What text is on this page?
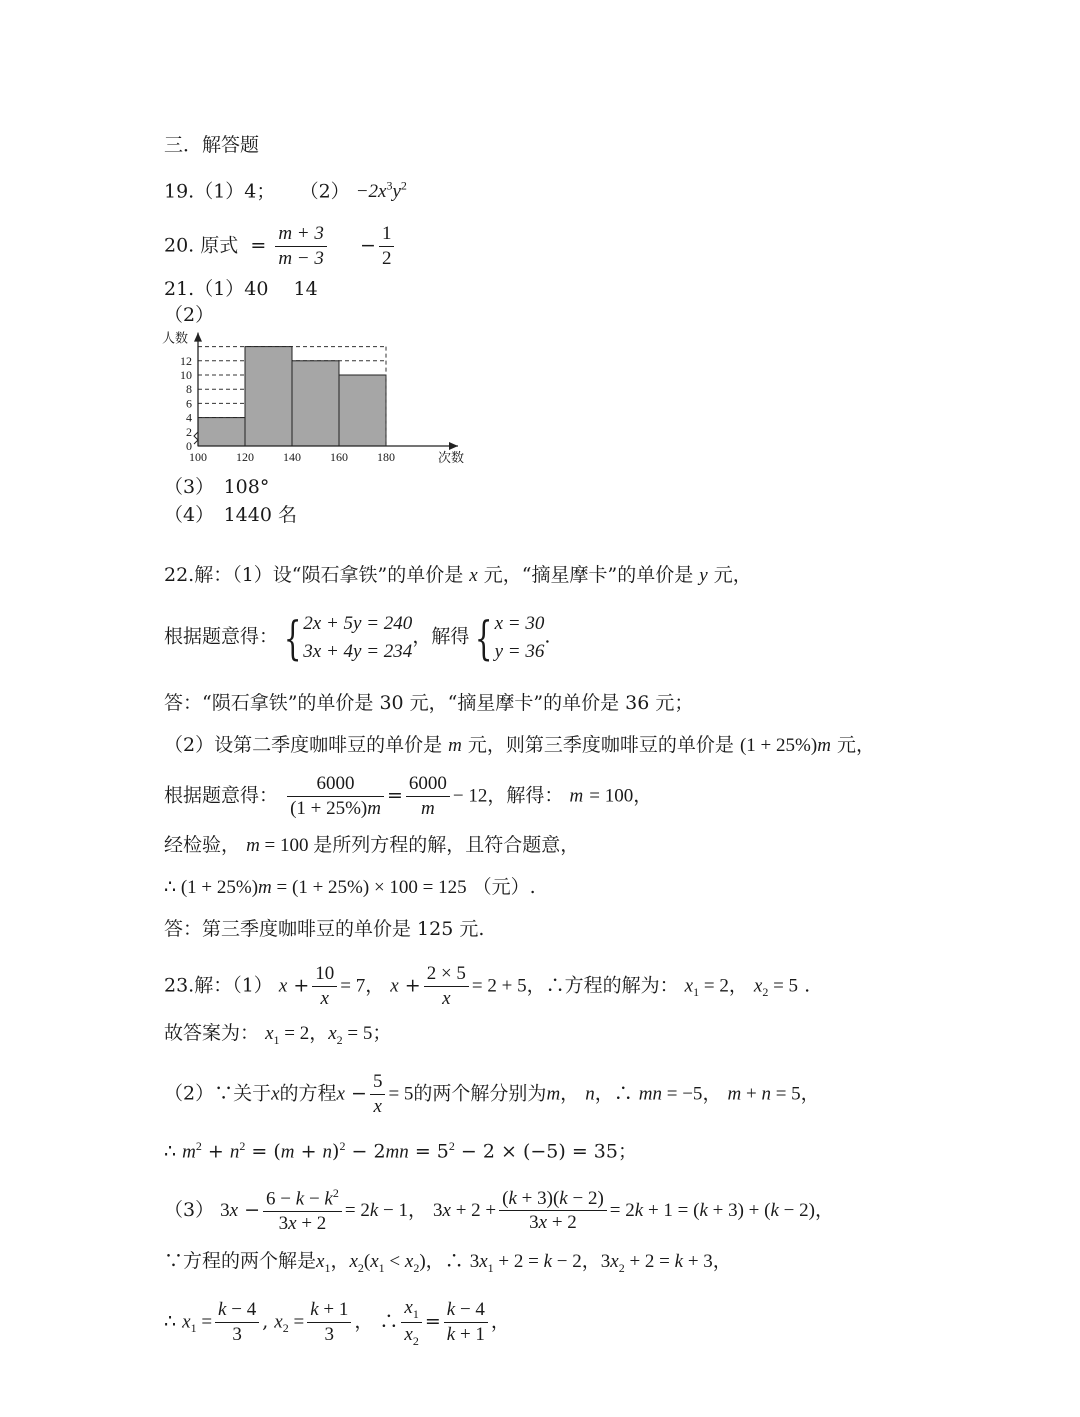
三．解答题
19.（1）4； $(2) -2x^3y^2$
20. 原式  = $\frac{m + 3}{m - 3} - \frac{1}{2}$
21.（1）40　 14
（2）
0
2
4
6
8
10
12
100 120 140 160 180
人数
次数
（3）　108°
（4）　1440 名
22.解：（1）设“陨石拿铁”的单价是 x 元，“摘星摩卡”的单价是 y 元，
根据题意得： {2x + 5y = 240
3x + 4y = 234，解得 {x = 30
y = 36.
答：“陨石拿铁”的单价是 30 元，“摘星摩卡”的单价是 36 元；
（2）设第二季度咖啡豆的单价是 m 元，则第三季度咖啡豆的单价是 (1 + 25%)m 元，
根据题意得： $\frac{6000}{(1 + 25\%)m} = \frac{6000}{m} - 12$，解得： m = 100，
经检验， m = 100 是所列方程的解，且符合题意，
∴ (1 + 25%)m = (1 + 25%) × 100 = 125 （元）.
答：第三季度咖啡豆的单价是 125 元.
23.解：（1） $x + \frac{10}{x} = 7$， $x + \frac{2 \times 5}{x} = 2 + 5$，∴方程的解为： $x_1 = 2$， $x_2 = 5$ .
故答案为： $x_1 = 2$，$x_2 = 5$；
（2）∵关于x的方程$x - \frac{5}{x} = 5$的两个解分别为m， n，∴ mn = −5， m + n = 5，
∴ $m^2 + n^2 = (m + n)^2 - 2mn = 5^2 - 2 \times (-5) = 35$；
（3） $3x - \frac{6 - k - k^2}{3x + 2} = 2k - 1$， $3x + 2 + \frac{(k + 3)(k - 2)}{3x + 2} = 2k + 1 = (k + 3) + (k - 2)$，
∵方程的两个解是$x_1$，$x_2(x_1 < x_2)$，∴ $3x_1 + 2 = k - 2$，$3x_2 + 2 = k + 3$，
∴ $x_1 = \frac{k - 4}{3}$ , $x_2 = \frac{k + 1}{3}$ ， ∴ $\frac{x_1}{x_2} = \frac{k - 4}{k + 1}$ ，
